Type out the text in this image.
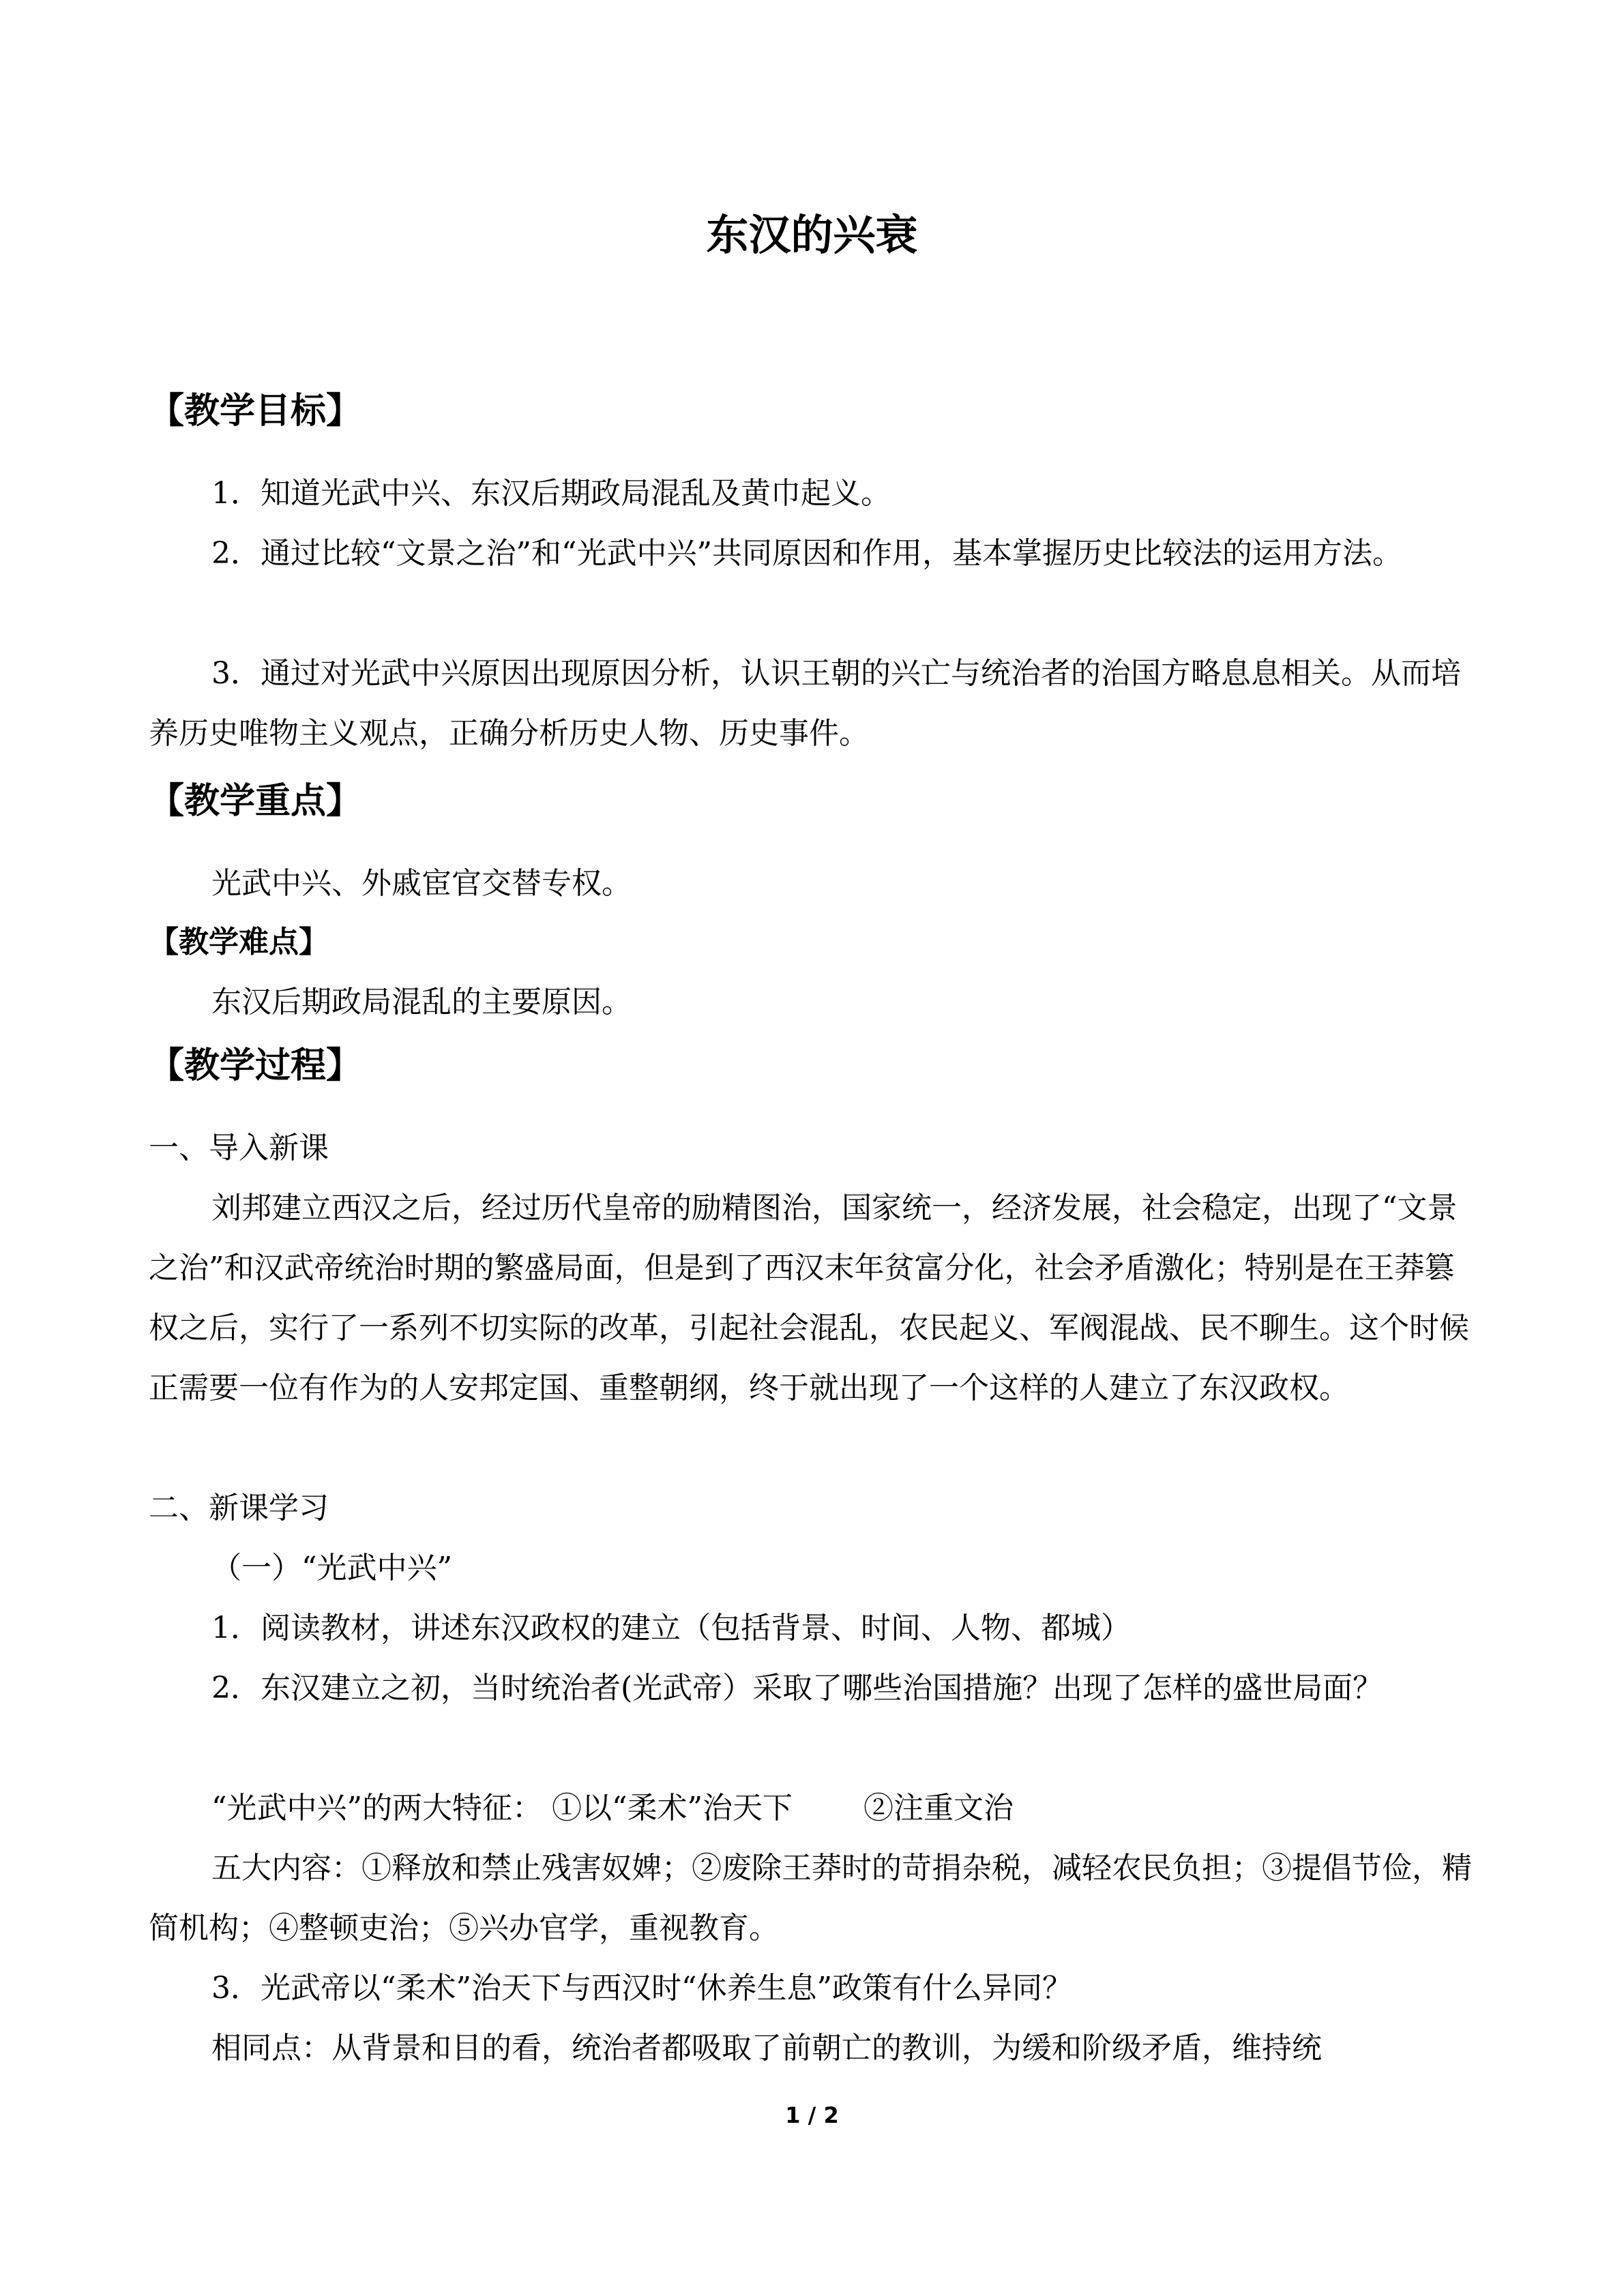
东汉的兴衰
【教学目标】
1．知道光武中兴、东汉后期政局混乱及黄巾起义。
2．通过比较“文景之治”和“光武中兴”共同原因和作用，基本掌握历史比较法的运用方法。
3．通过对光武中兴原因出现原因分析，认识王朝的兴亡与统治者的治国方略息息相关。从而培养历史唯物主义观点，正确分析历史人物、历史事件。
【教学重点】
光武中兴、外戚宦官交替专权。
【教学难点】
东汉后期政局混乱的主要原因。
【教学过程】
一、导入新课
刘邦建立西汉之后，经过历代皇帝的励精图治，国家统一，经济发展，社会稳定，出现了“文景之治”和汉武帝统治时期的繁盛局面，但是到了西汉末年贫富分化，社会矛盾激化；特别是在王莽篡权之后，实行了一系列不切实际的改革，引起社会混乱，农民起义、军阀混战、民不聊生。这个时候正需要一位有作为的人安邦定国、重整朝纲，终于就出现了一个这样的人建立了东汉政权。
二、新课学习
（一）“光武中兴”
1．阅读教材，讲述东汉政权的建立（包括背景、时间、人物、都城）
2．东汉建立之初，当时统治者(光武帝）采取了哪些治国措施？出现了怎样的盛世局面？
“光武中兴”的两大特征： ①以“柔术”治天下 ②注重文治
五大内容：①释放和禁止残害奴婢；②废除王莽时的苛捐杂税，减轻农民负担；③提倡节俭，精简机构；④整顿吏治；⑤兴办官学，重视教育。
3．光武帝以“柔术”治天下与西汉时“休养生息”政策有什么异同？
相同点：从背景和目的看，统治者都吸取了前朝亡的教训，为缓和阶级矛盾，维持统
1 / 2
